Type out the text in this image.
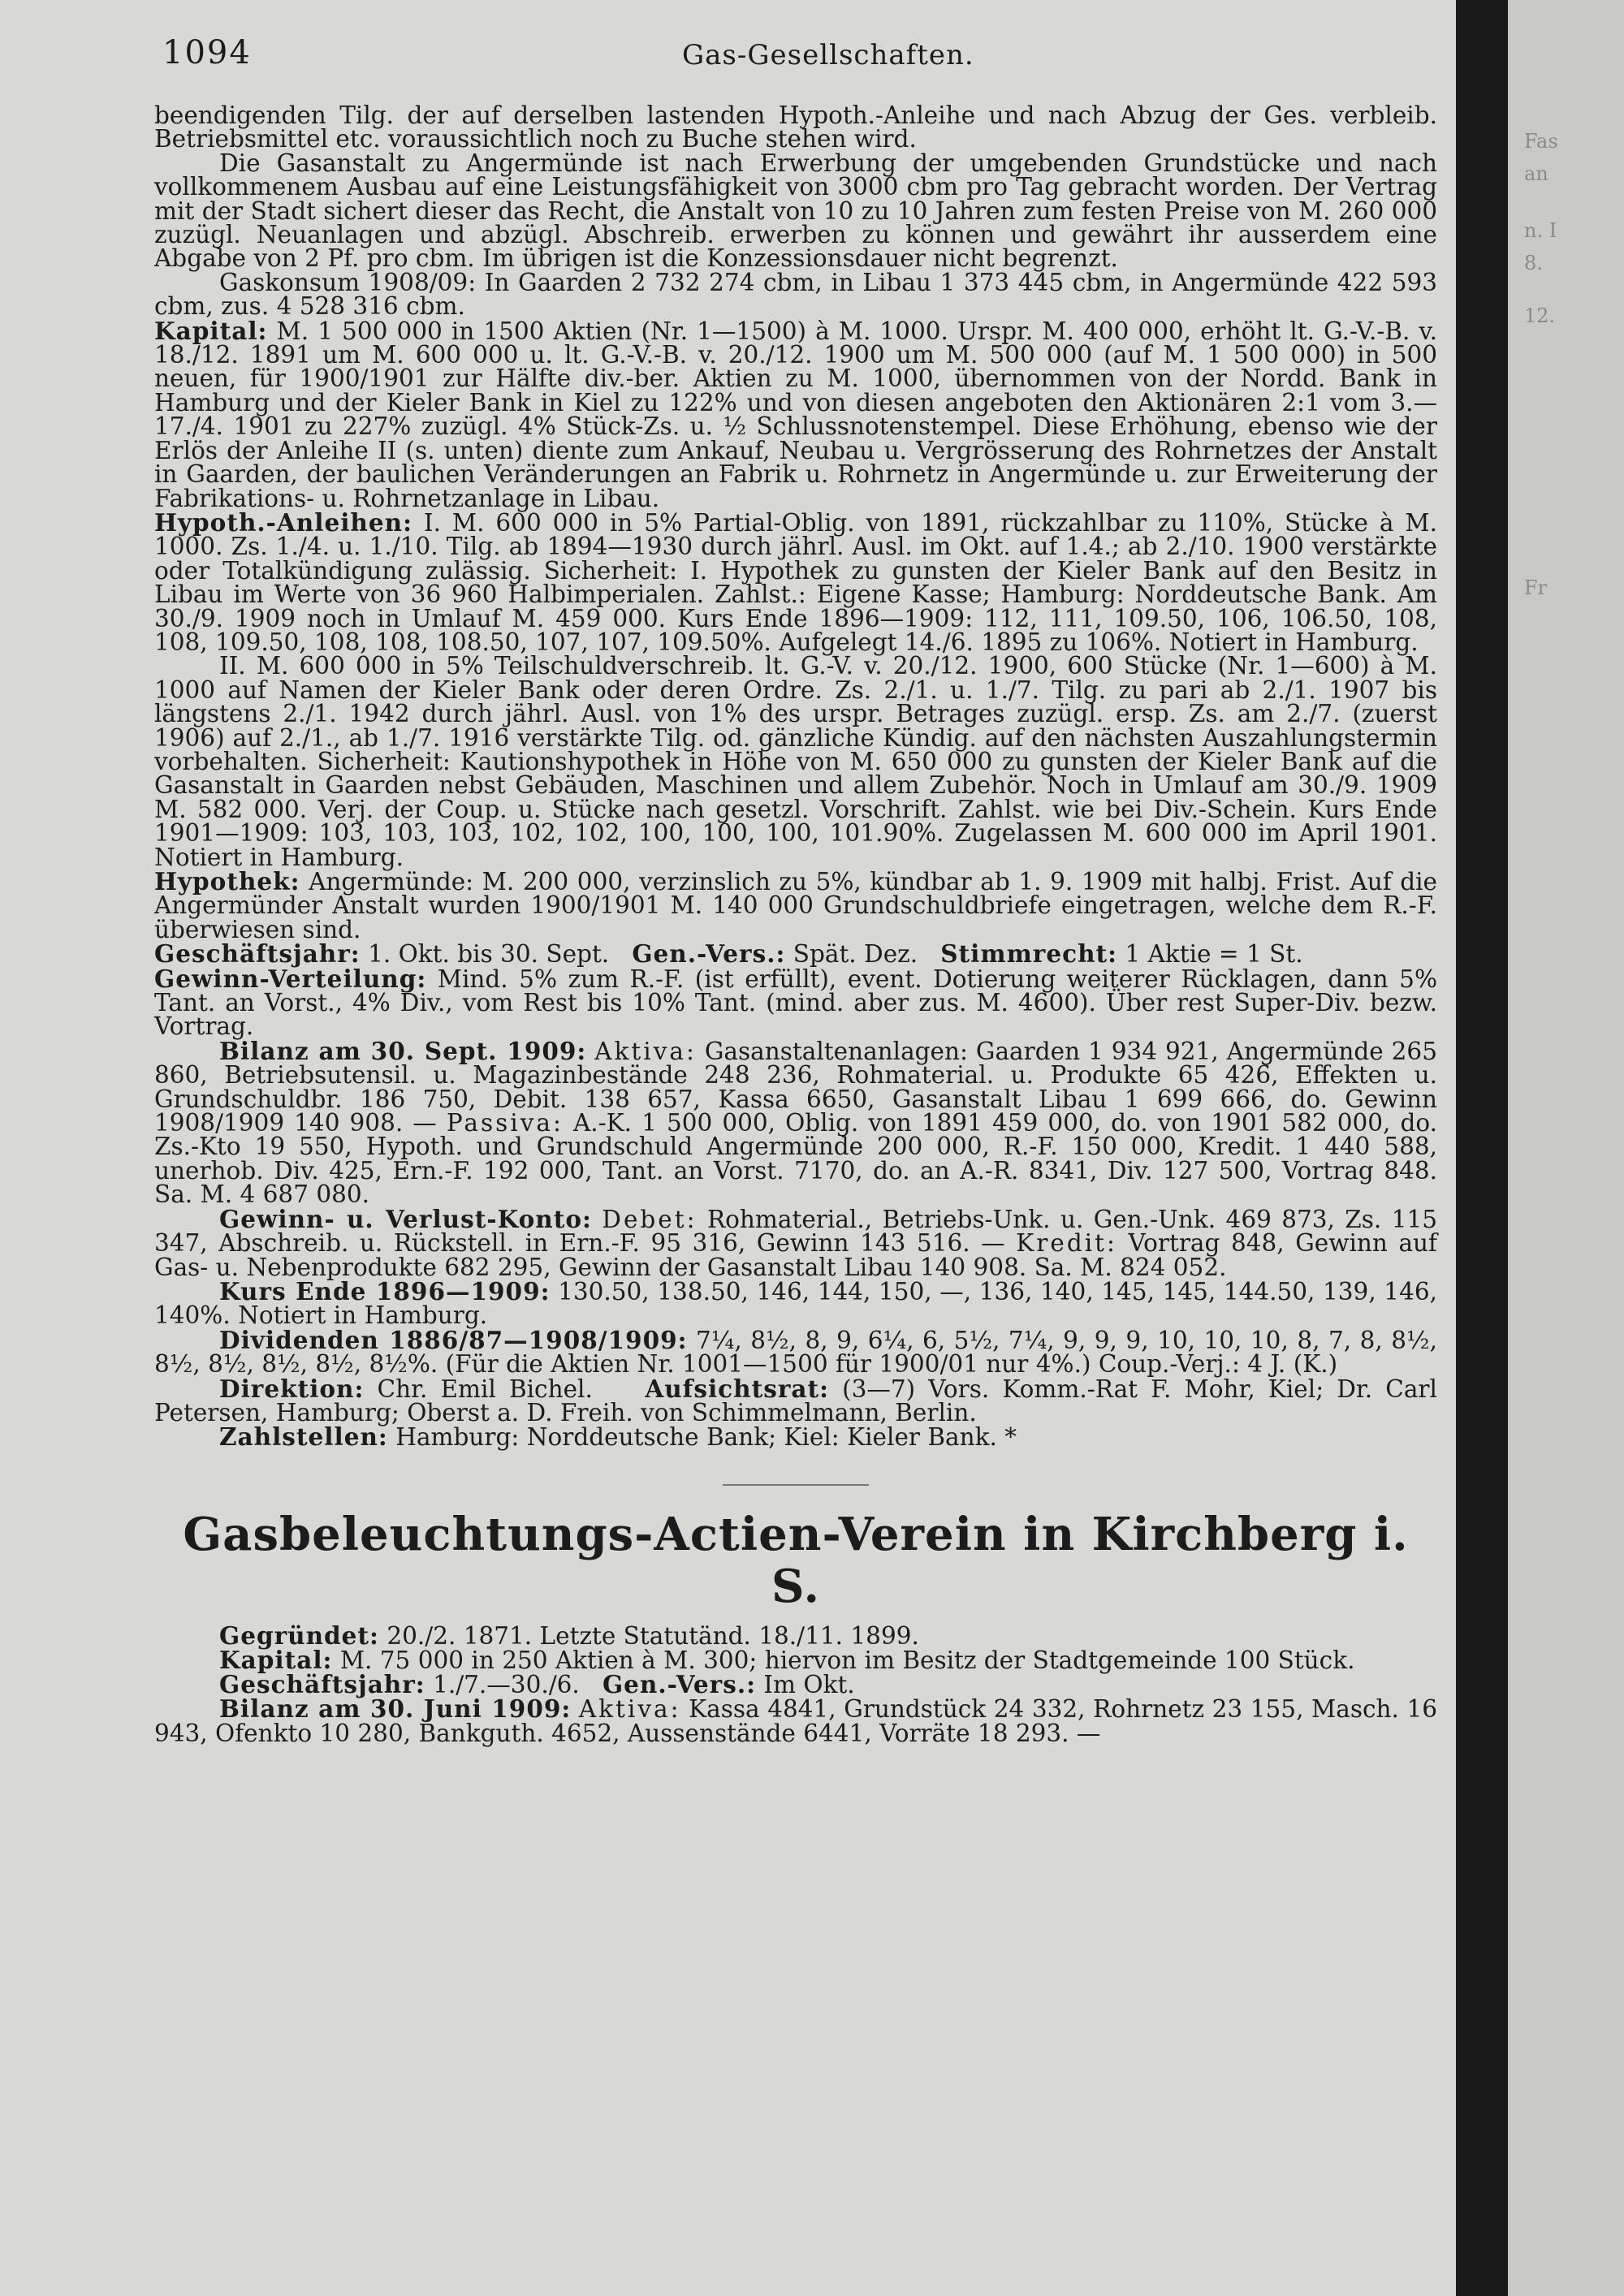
1094	Gas-Gesellschaften.

beendigenden Tilg. der auf derselben lastenden Hypoth.-Anleihe und nach Abzug der Ges. verbleib. Betriebsmittel etc. voraussichtlich noch zu Buche stehen wird.

Die Gasanstalt zu Angermünde ist nach Erwerbung der umgebenden Grundstücke und nach vollkommenem Ausbau auf eine Leistungsfähigkeit von 3000 cbm pro Tag gebracht worden. Der Vertrag mit der Stadt sichert dieser das Recht, die Anstalt von 10 zu 10 Jahren zum festen Preise von M. 260 000 zuzügl. Neuanlagen und abzügl. Abschreib. erwerben zu können und gewährt ihr ausserdem eine Abgabe von 2 Pf. pro cbm. Im übrigen ist die Konzessionsdauer nicht begrenzt.

Gaskonsum 1908/09: In Gaarden 2 732 274 cbm, in Libau 1 373 445 cbm, in Angermünde 422 593 cbm, zus. 4 528 316 cbm.

Kapital: M. 1 500 000 in 1500 Aktien (Nr. 1—1500) à M. 1000. Urspr. M. 400 000, erhöht lt. G.-V.-B. v. 18./12. 1891 um M. 600 000 u. lt. G.-V.-B. v. 20./12. 1900 um M. 500 000 (auf M. 1 500 000) in 500 neuen, für 1900/1901 zur Hälfte div.-ber. Aktien zu M. 1000, übernommen von der Nordd. Bank in Hamburg und der Kieler Bank in Kiel zu 122% und von diesen angeboten den Aktionären 2:1 vom 3.—17./4. 1901 zu 227% zuzügl. 4% Stück-Zs. u. ½ Schlussnotenstempel. Diese Erhöhung, ebenso wie der Erlös der Anleihe II (s. unten) diente zum Ankauf, Neubau u. Vergrösserung des Rohrnetzes der Anstalt in Gaarden, der baulichen Veränderungen an Fabrik u. Rohrnetz in Angermünde u. zur Erweiterung der Fabrikations- u. Rohrnetzanlage in Libau.

Hypoth.-Anleihen: I. M. 600 000 in 5% Partial-Oblig. von 1891, rückzahlbar zu 110%, Stücke à M. 1000. Zs. 1./4. u. 1./10. Tilg. ab 1894—1930 durch jährl. Ausl. im Okt. auf 1.4.; ab 2./10. 1900 verstärkte oder Totalkündigung zulässig. Sicherheit: I. Hypothek zu gunsten der Kieler Bank auf den Besitz in Libau im Werte von 36 960 Halbimperialen. Zahlst.: Eigene Kasse; Hamburg: Norddeutsche Bank. Am 30./9. 1909 noch in Umlauf M. 459 000. Kurs Ende 1896—1909: 112, 111, 109.50, 106, 106.50, 108, 108, 109.50, 108, 108, 108.50, 107, 107, 109.50%. Aufgelegt 14./6. 1895 zu 106%. Notiert in Hamburg.

II. M. 600 000 in 5% Teilschuldverschreib. lt. G.-V. v. 20./12. 1900, 600 Stücke (Nr. 1—600) à M. 1000 auf Namen der Kieler Bank oder deren Ordre. Zs. 2./1. u. 1./7. Tilg. zu pari ab 2./1. 1907 bis längstens 2./1. 1942 durch jährl. Ausl. von 1% des urspr. Betrages zuzügl. ersp. Zs. am 2./7. (zuerst 1906) auf 2./1., ab 1./7. 1916 verstärkte Tilg. od. gänzliche Kündig. auf den nächsten Auszahlungstermin vorbehalten. Sicherheit: Kautionshypothek in Höhe von M. 650 000 zu gunsten der Kieler Bank auf die Gasanstalt in Gaarden nebst Gebäuden, Maschinen und allem Zubehör. Noch in Umlauf am 30./9. 1909 M. 582 000. Verj. der Coup. u. Stücke nach gesetzl. Vorschrift. Zahlst. wie bei Div.-Schein. Kurs Ende 1901—1909: 103, 103, 103, 102, 102, 100, 100, 100, 101.90%. Zugelassen M. 600 000 im April 1901. Notiert in Hamburg.

Hypothek: Angermünde: M. 200 000, verzinslich zu 5%, kündbar ab 1. 9. 1909 mit halbj. Frist. Auf die Angermünder Anstalt wurden 1900/1901 M. 140 000 Grundschuldbriefe eingetragen, welche dem R.-F. überwiesen sind.

Geschäftsjahr: 1. Okt. bis 30. Sept. Gen.-Vers.: Spät. Dez. Stimmrecht: 1 Aktie = 1 St.

Gewinn-Verteilung: Mind. 5% zum R.-F. (ist erfüllt), event. Dotierung weiterer Rücklagen, dann 5% Tant. an Vorst., 4% Div., vom Rest bis 10% Tant. (mind. aber zus. M. 4600). Über rest Super-Div. bezw. Vortrag.

Bilanz am 30. Sept. 1909: Aktiva: Gasanstaltenanlagen: Gaarden 1 934 921, Angermünde 265 860, Betriebsutensil. u. Magazinbestände 248 236, Rohmaterial. u. Produkte 65 426, Effekten u. Grundschuldbr. 186 750, Debit. 138 657, Kassa 6650, Gasanstalt Libau 1 699 666, do. Gewinn 1908/1909 140 908. — Passiva: A.-K. 1 500 000, Oblig. von 1891 459 000, do. von 1901 582 000, do. Zs.-Kto 19 550, Hypoth. und Grundschuld Angermünde 200 000, R.-F. 150 000, Kredit. 1 440 588, unerhob. Div. 425, Ern.-F. 192 000, Tant. an Vorst. 7170, do. an A.-R. 8341, Div. 127 500, Vortrag 848. Sa. M. 4 687 080.

Gewinn- u. Verlust-Konto: Debet: Rohmaterial., Betriebs-Unk. u. Gen.-Unk. 469 873, Zs. 115 347, Abschreib. u. Rückstell. in Ern.-F. 95 316, Gewinn 143 516. — Kredit: Vortrag 848, Gewinn auf Gas- u. Nebenprodukte 682 295, Gewinn der Gasanstalt Libau 140 908. Sa. M. 824 052.

Kurs Ende 1896—1909: 130.50, 138.50, 146, 144, 150, —, 136, 140, 145, 145, 144.50, 139, 146, 140%. Notiert in Hamburg.

Dividenden 1886/87—1908/1909: 7¼, 8½, 8, 9, 6¼, 6, 5½, 7¼, 9, 9, 9, 10, 10, 10, 8, 7, 8, 8½, 8½, 8½, 8½, 8½, 8½%. (Für die Aktien Nr. 1001—1500 für 1900/01 nur 4%.) Coup.-Verj.: 4 J. (K.)

Direktion: Chr. Emil Bichel. Aufsichtsrat: (3—7) Vors. Komm.-Rat F. Mohr, Kiel; Dr. Carl Petersen, Hamburg; Oberst a. D. Freih. von Schimmelmann, Berlin.

Zahlstellen: Hamburg: Norddeutsche Bank; Kiel: Kieler Bank. *

Gasbeleuchtungs-Actien-Verein in Kirchberg i. S.

Gegründet: 20./2. 1871. Letzte Statutänd. 18./11. 1899.

Kapital: M. 75 000 in 250 Aktien à M. 300; hiervon im Besitz der Stadtgemeinde 100 Stück.

Geschäftsjahr: 1./7.—30./6. Gen.-Vers.: Im Okt.

Bilanz am 30. Juni 1909: Aktiva: Kassa 4841, Grundstück 24 332, Rohrnetz 23 155, Masch. 16 943, Ofenkto 10 280, Bankguth. 4652, Aussenstände 6441, Vorräte 18 293. —

Fas
an
n. I
8.
12.
Fr
